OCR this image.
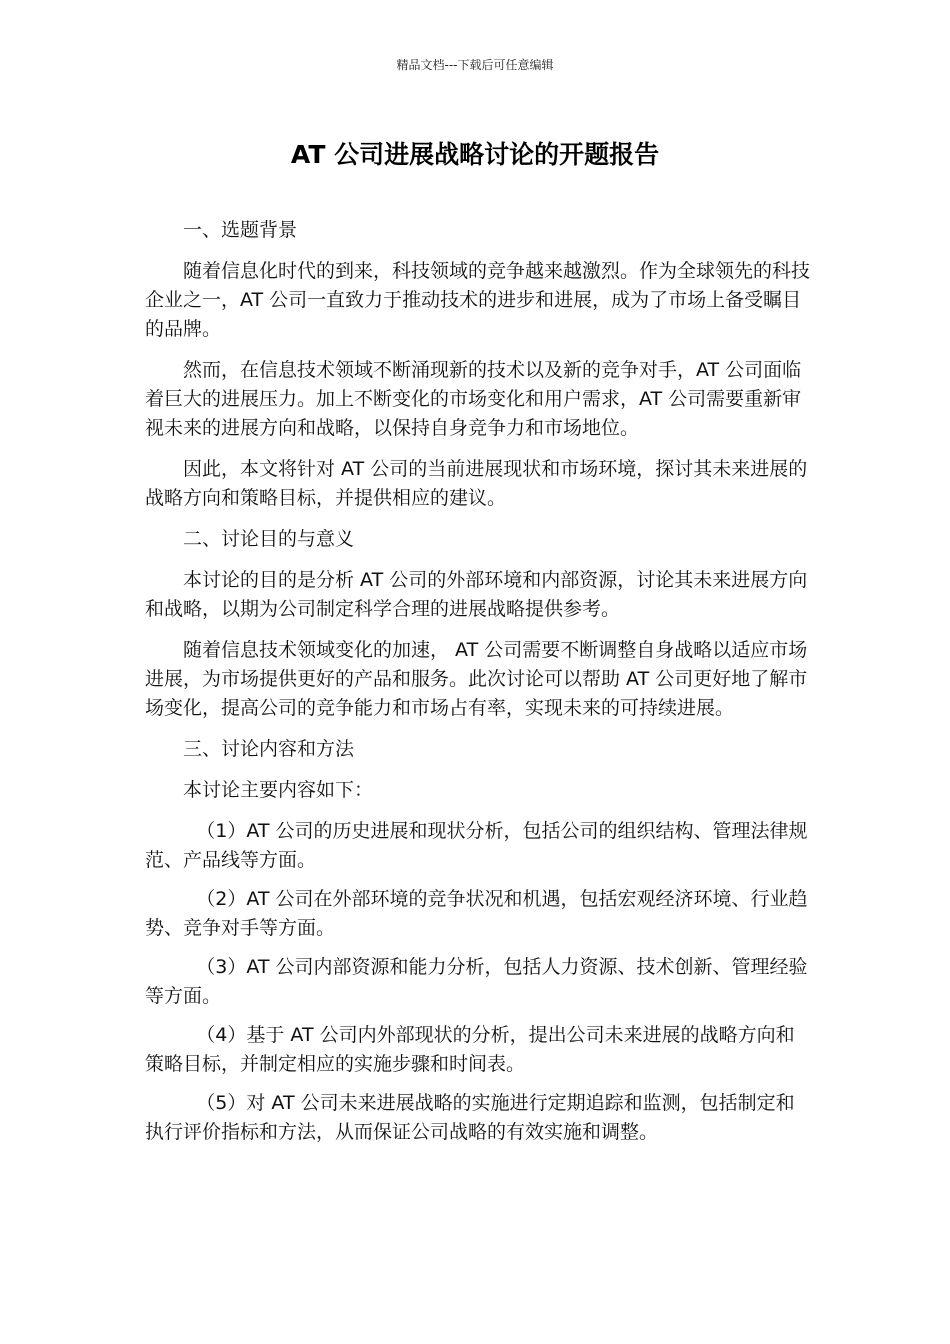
精品文档---下载后可任意编辑
AT 公司进展战略讨论的开题报告

一、选题背景

随着信息化时代的到来，科技领域的竞争越来越激烈。作为全球领先的科技企业之一，AT 公司一直致力于推动技术的进步和进展，成为了市场上备受瞩目的品牌。

然而，在信息技术领域不断涌现新的技术以及新的竞争对手，AT 公司面临着巨大的进展压力。加上不断变化的市场变化和用户需求，AT 公司需要重新审视未来的进展方向和战略，以保持自身竞争力和市场地位。

因此，本文将针对 AT 公司的当前进展现状和市场环境，探讨其未来进展的战略方向和策略目标，并提供相应的建议。

二、讨论目的与意义

本讨论的目的是分析 AT 公司的外部环境和内部资源，讨论其未来进展方向和战略，以期为公司制定科学合理的进展战略提供参考。

随着信息技术领域变化的加速， AT 公司需要不断调整自身战略以适应市场进展，为市场提供更好的产品和服务。此次讨论可以帮助 AT 公司更好地了解市场变化，提高公司的竞争能力和市场占有率，实现未来的可持续进展。

三、讨论内容和方法

本讨论主要内容如下：

（1）AT 公司的历史进展和现状分析，包括公司的组织结构、管理法律规范、产品线等方面。

（2）AT 公司在外部环境的竞争状况和机遇，包括宏观经济环境、行业趋势、竞争对手等方面。

（3）AT 公司内部资源和能力分析，包括人力资源、技术创新、管理经验等方面。

（4）基于 AT 公司内外部现状的分析，提出公司未来进展的战略方向和策略目标，并制定相应的实施步骤和时间表。

（5）对 AT 公司未来进展战略的实施进行定期追踪和监测，包括制定和执行评价指标和方法，从而保证公司战略的有效实施和调整。
